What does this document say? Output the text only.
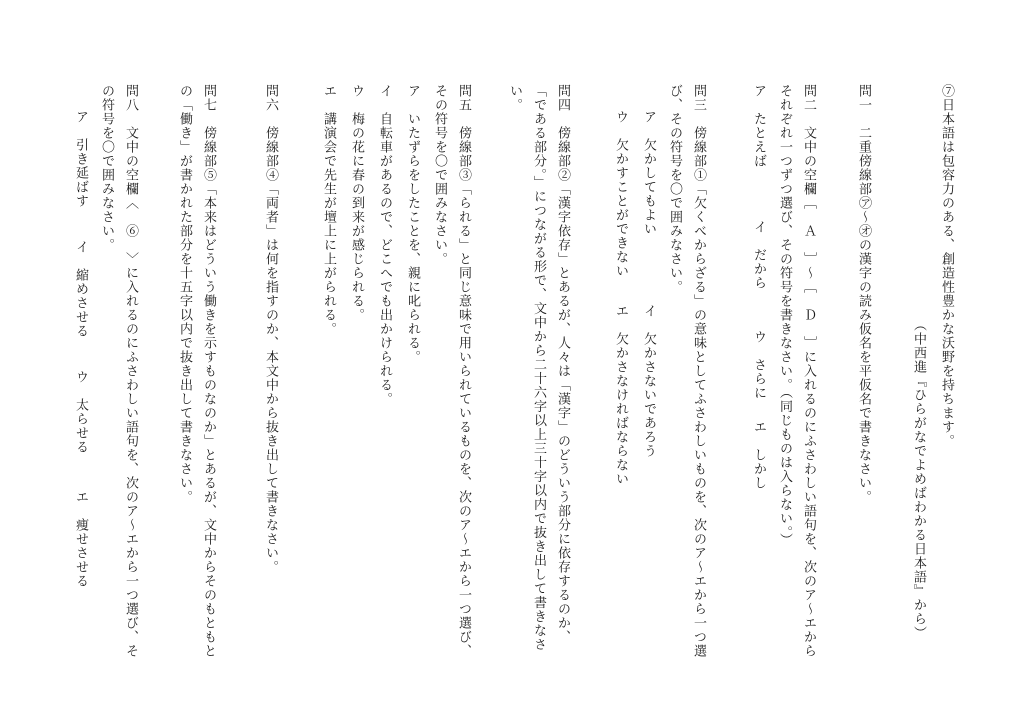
⑦日本語は包容力のある、創造性豊かな沃野を持ちます。
（中西進『ひらがなでよめばわかる日本語』から）
問一　二重傍線部㋐～㋔の漢字の読み仮名を平仮名で書きなさい。
問二　文中の空欄［　Ａ　］～［　Ｄ　］に入れるのにふさわしい語句を、次のア～エから
それぞれ一つずつ選び、その符号を書きなさい。（同じものは入らない。）
ア　たとえば
イ　だから
ウ　さらに
エ　しかし
問三　傍線部①「欠くべからざる」の意味としてふさわしいものを、次のア～エから一つ選
び、その符号を〇で囲みなさい。
ア　欠かしてもよい
イ　欠かさないであろう
ウ　欠かすことができない
エ　欠かさなければならない
問四　傍線部②「漢字依存」とあるが、人々は「漢字」のどういう部分に依存するのか、
「である部分。」につながる形で、文中から二十六字以上三十字以内で抜き出して書きなさ
い。
問五　傍線部③「られる」と同じ意味で用いられているものを、次のア～エから一つ選び、
その符号を〇で囲みなさい。
ア　いたずらをしたことを、親に叱られる。
イ　自転車があるので、どこへでも出かけられる。
ウ　梅の花に春の到来が感じられる。
エ　講演会で先生が壇上に上がられる。
問六　傍線部④「両者」は何を指すのか、本文中から抜き出して書きなさい。
問七　傍線部⑤「本来はどういう働きを示すものなのか」とあるが、文中からそのもともと
の「働き」が書かれた部分を十五字以内で抜き出して書きなさい。
問八　文中の空欄〈　⑥　〉に入れるのにふさわしい語句を、次のア～エから一つ選び、そ
の符号を〇で囲みなさい。
ア　引き延ばす
イ　縮めさせる
ウ　太らせる
エ　痩せさせる
